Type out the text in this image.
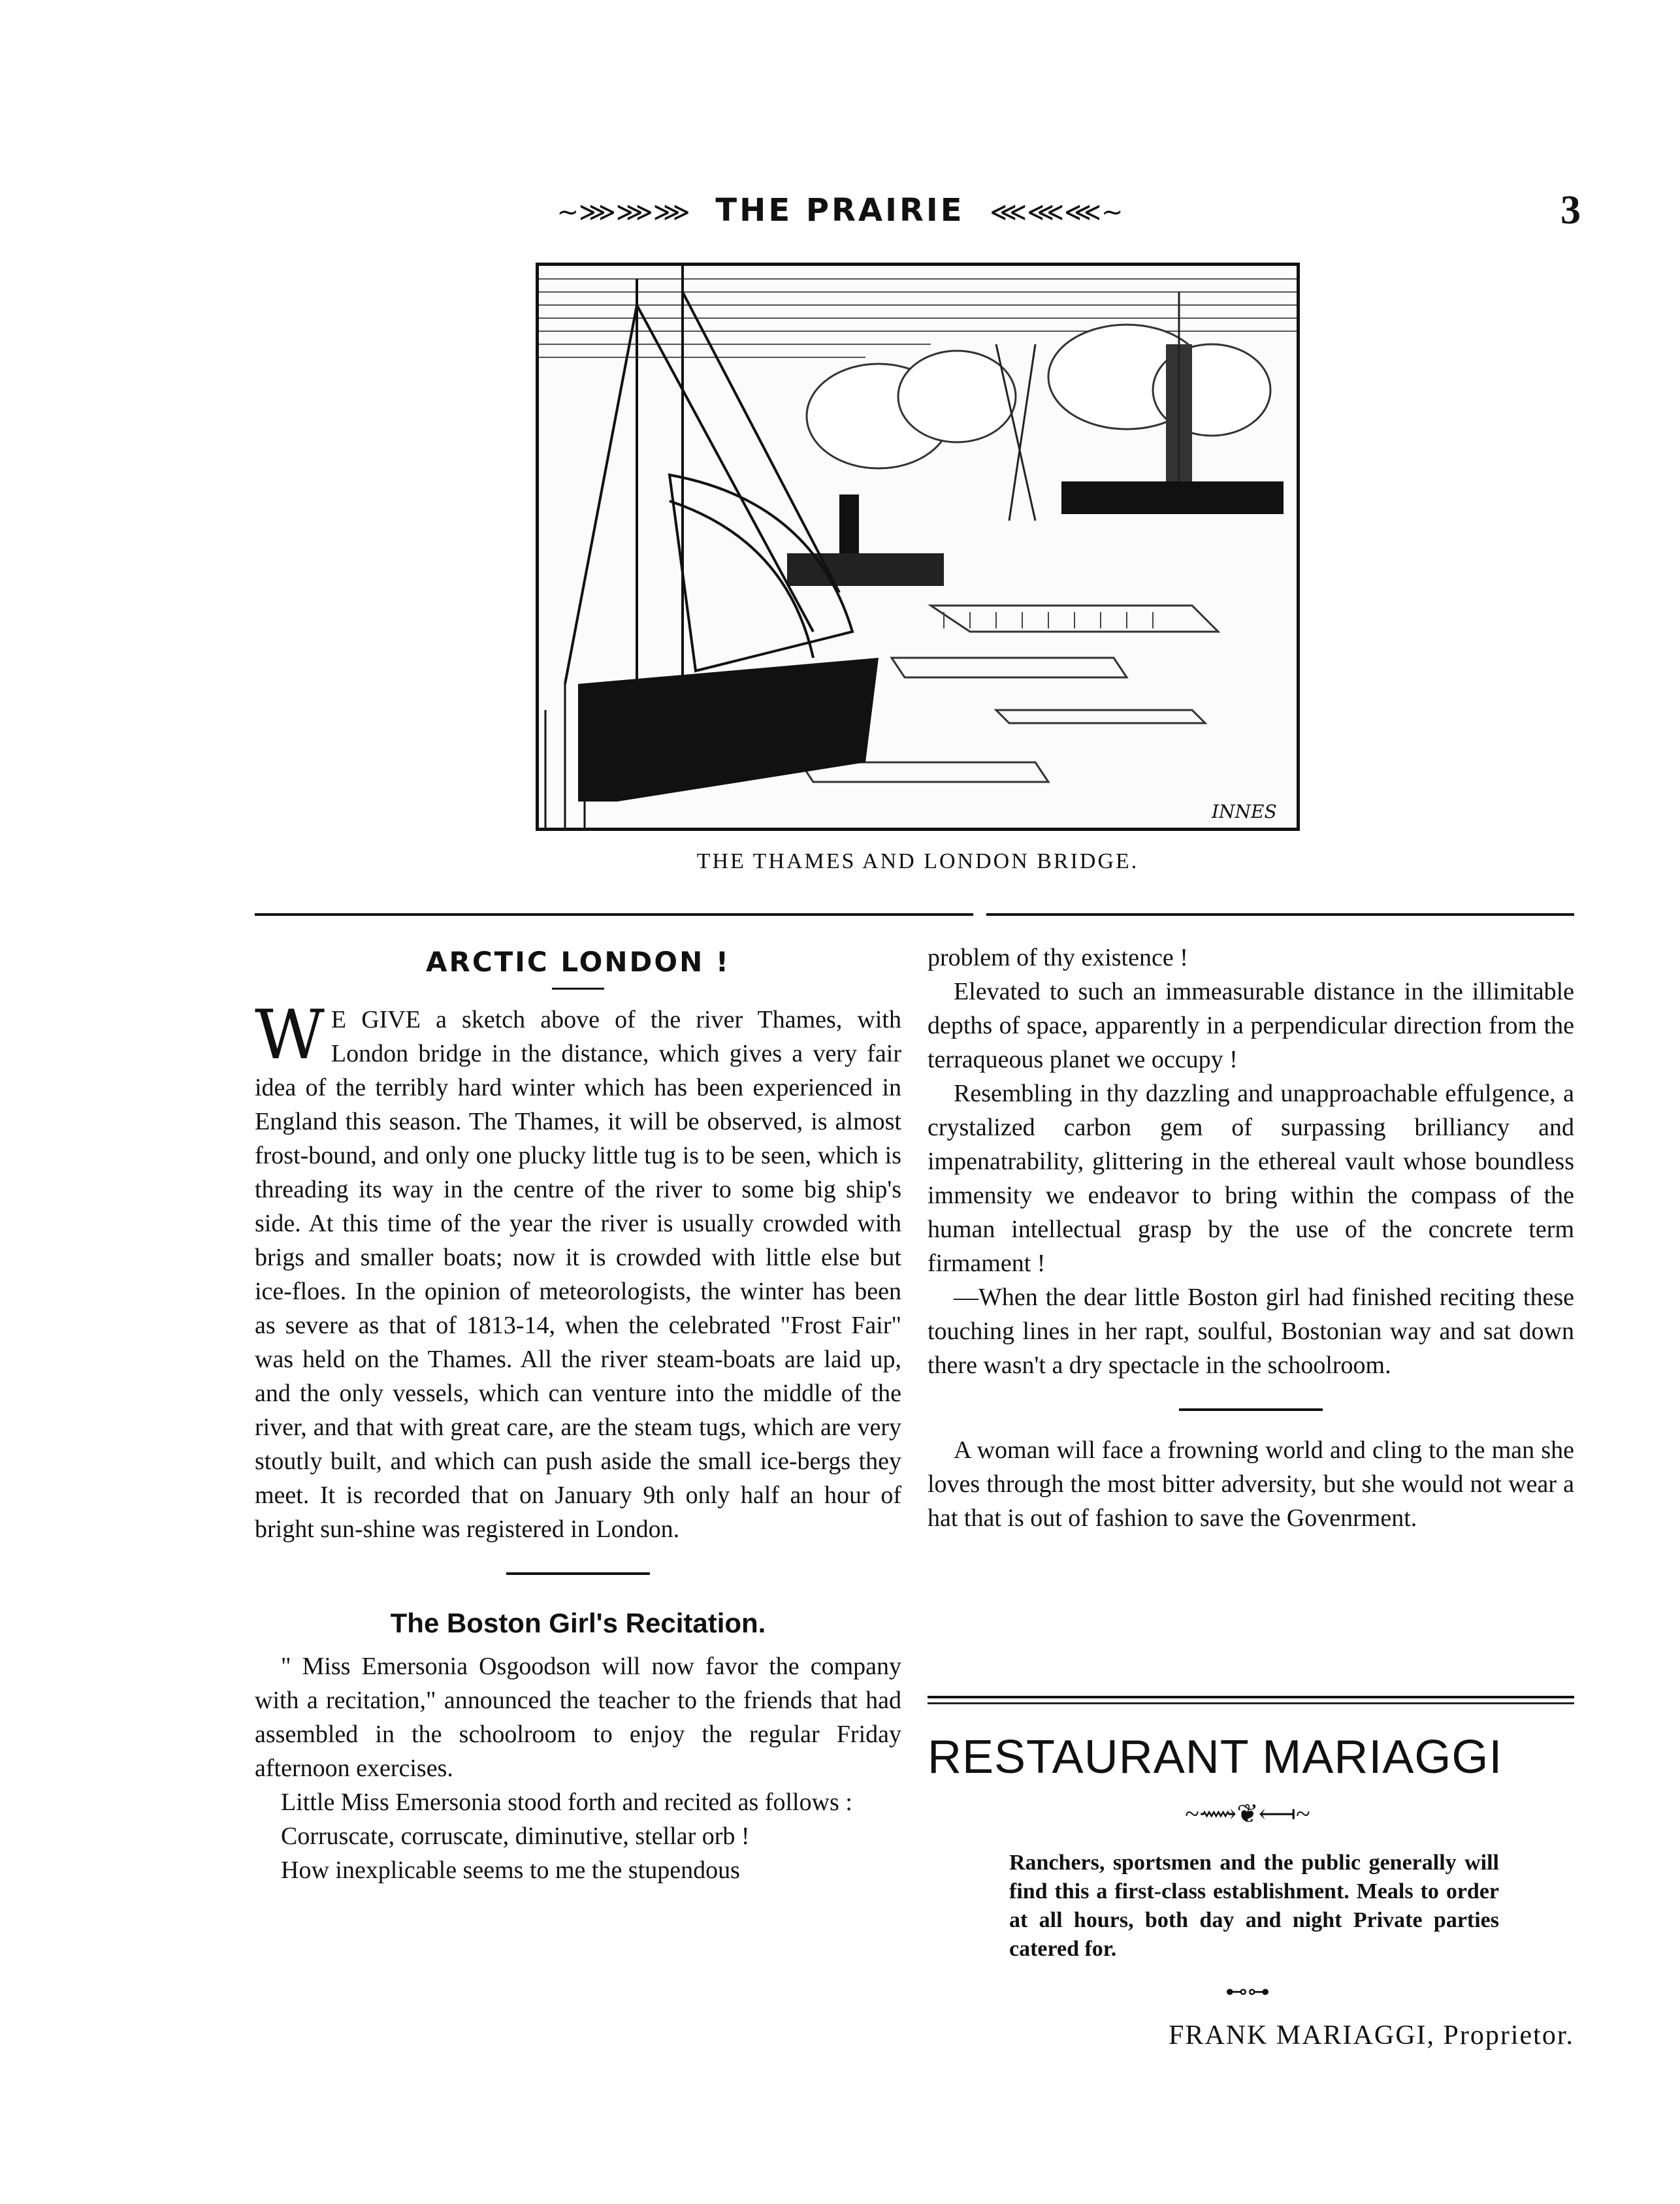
~⋙⋙⋙ THE PRAIRIE ⋘⋘⋘~	3
INNES
THE THAMES AND LONDON BRIDGE.
ARCTIC LONDON !

W E GIVE a sketch above of the river Thames, with London bridge in the distance, which gives a very fair idea of the terribly hard winter which has been experienced in England this season. The Thames, it will be observed, is almost frost-bound, and only one plucky little tug is to be seen, which is threading its way in the centre of the river to some big ship's side. At this time of the year the river is usually crowded with brigs and smaller boats; now it is crowded with little else but ice-floes. In the opinion of meteorologists, the winter has been as severe as that of 1813-14, when the celebrated "Frost Fair" was held on the Thames. All the river steam-boats are laid up, and the only vessels, which can venture into the middle of the river, and that with great care, are the steam tugs, which are very stoutly built, and which can push aside the small ice-bergs they meet. It is recorded that on January 9th only half an hour of bright sun-shine was registered in London.

The Boston Girl's Recitation.

" Miss Emersonia Osgoodson will now favor the company with a recitation," announced the teacher to the friends that had assembled in the schoolroom to enjoy the regular Friday afternoon exercises.

Little Miss Emersonia stood forth and recited as follows :

Corruscate, corruscate, diminutive, stellar orb !

How inexplicable seems to me the stupendous

problem of thy existence !

Elevated to such an immeasurable distance in the illimitable depths of space, apparently in a perpendicular direction from the terraqueous planet we occupy !

Resembling in thy dazzling and unapproachable effulgence, a crystalized carbon gem of surpassing brilliancy and impenatrability, glittering in the ethereal vault whose boundless immensity we endeavor to bring within the compass of the human intellectual grasp by the use of the concrete term firmament !

—When the dear little Boston girl had finished reciting these touching lines in her rapt, soulful, Bostonian way and sat down there wasn't a dry spectacle in the schoolroom.

A woman will face a frowning world and cling to the man she loves through the most bitter adversity, but she would not wear a hat that is out of fashion to save the Govenrment.

RESTAURANT MARIAGGI
~⟿❦⟻~
Ranchers, sportsmen and the public generally will find this a first-class establishment. Meals to order at all hours, both day and night Private parties catered for.
⊷⊶
FRANK MARIAGGI, Proprietor.
